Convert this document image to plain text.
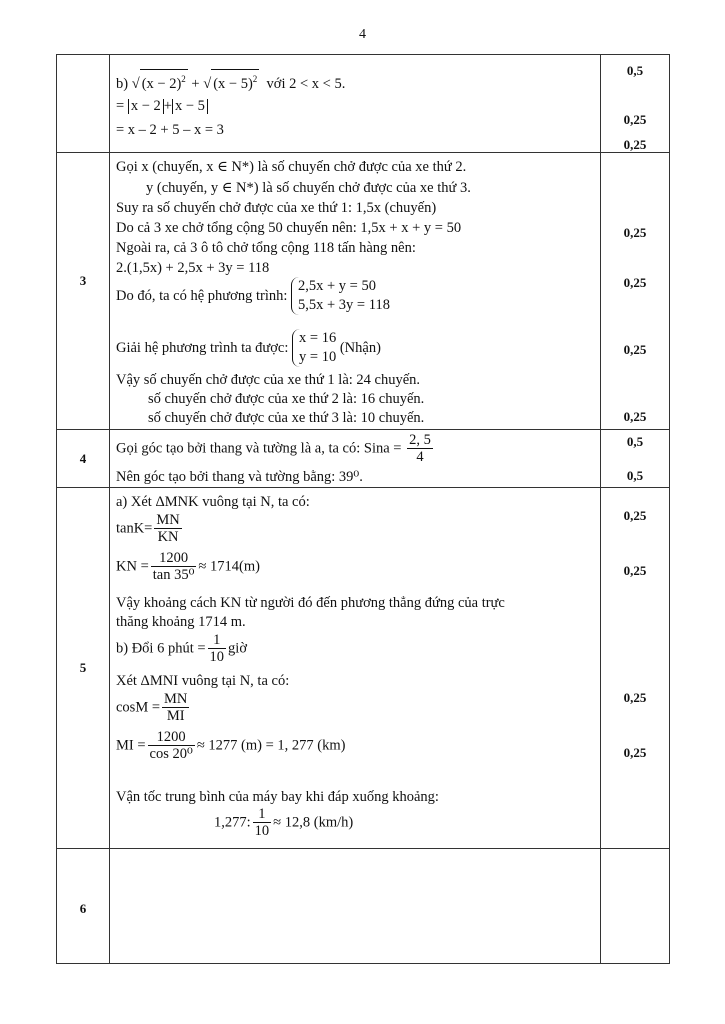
4
b) √ $(x - 2)^2$ + √ $(x - 5)^2$ với 2 < x < 5.
= x − 2 + x − 5
= x – 2 + 5 – x = 3
0,5
0,25
0,25
3
Gọi x (chuyến, x ∈ N*) là số chuyến chở được của xe thứ 2.
y (chuyến, y ∈ N*) là số chuyến chở được của xe thứ 3.
Suy ra số chuyến chở được của xe thứ 1: 1,5x (chuyến)
Do cả 3 xe chở tổng cộng 50 chuyến nên: 1,5x + x + y = 50
Ngoài ra, cả 3 ô tô chở tổng cộng 118 tấn hàng nên:
2.(1,5x) + 2,5x + 3y = 118
Do đó, ta có hệ phương trình:
2,5x + y = 50
5,5x + 3y = 118
Giải hệ phương trình ta được:
x = 16
y = 10
(Nhận)
Vậy số chuyến chở được của xe thứ 1 là: 24 chuyến.
số chuyến chở được của xe thứ 2 là: 16 chuyến.
số chuyến chở được của xe thứ 3 là: 10 chuyến.
0,25
0,25
0,25
0,25
4
Gọi góc tạo bởi thang và tường là a, ta có: Sina = $\frac{2, 5}{4}$
Nên góc tạo bởi thang và tường bằng: 39⁰.
0,5
0,5
5
a) Xét ΔMNK vuông tại N, ta có:
$\tan K= \frac{MN}{KN}$
KN = $\frac{1200}{\text{tan 35⁰}} \approx 1714(m)$
Vậy khoảng cách KN từ người đó đến phương thẳng đứng của trực
thăng khoảng 1714 m.
b) Đổi 6 phút = $\frac{1}{10}$ giờ
Xét ΔMNI vuông tại N, ta có:
$\cos M = \frac{MN}{MI}$
MI = $\frac{1200}{\text{cos 20⁰}} \approx 1277$ (m) = 1, 277 (km)
Vận tốc trung bình của máy bay khi đáp xuống khoảng:
1,277: $\frac{1}{10} \approx 12,8$ (km/h)
0,25
0,25
0,25
0,25
6
